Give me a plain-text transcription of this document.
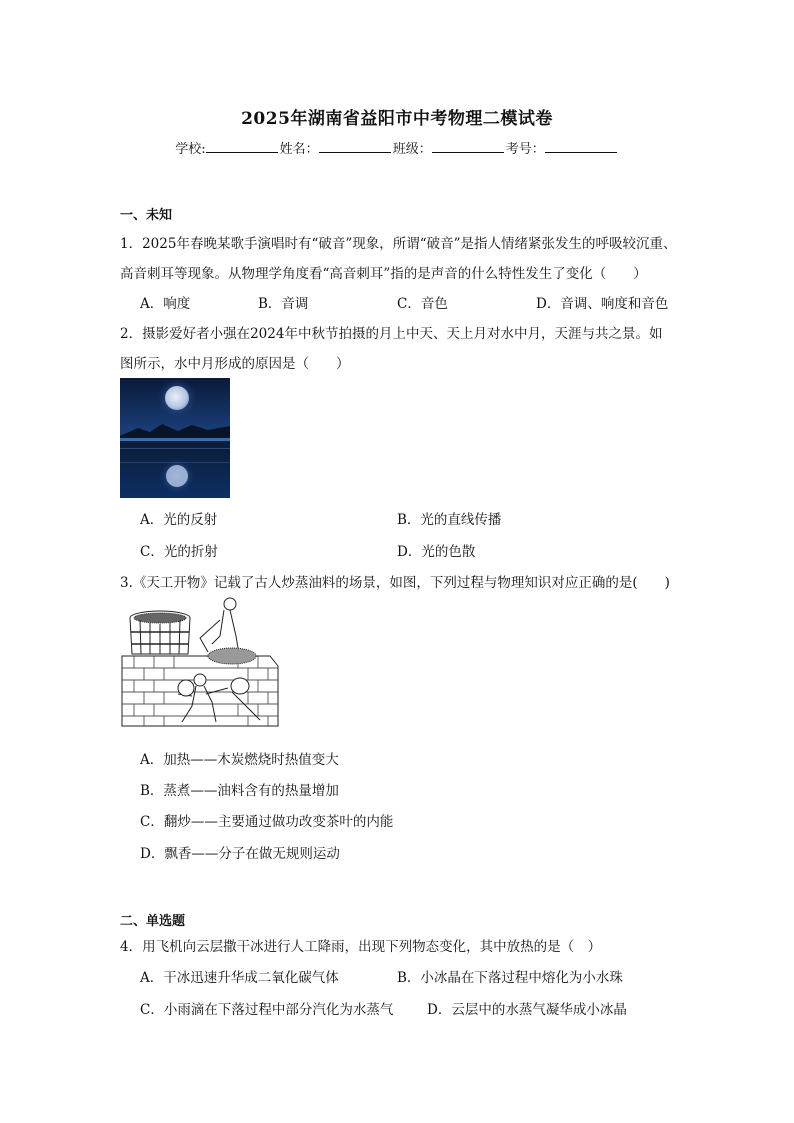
2025年湖南省益阳市中考物理二模试卷
学校:	姓名：	班级：	考号：
一、未知
1．2025年春晚某歌手演唱时有“破音”现象，所谓“破音”是指人情绪紧张发生的呼吸较沉重、
高音刺耳等现象。从物理学角度看“高音刺耳”指的是声音的什么特性发生了变化（　　）
A．响度	B．音调	C．音色	D．音调、响度和音色
2．摄影爱好者小强在2024年中秋节拍摄的月上中天、天上月对水中月，天涯与共之景。如
图所示，水中月形成的原因是（　　）
A．光的反射	B．光的直线传播
C．光的折射	D．光的色散
3.《天工开物》记载了古人炒蒸油料的场景，如图，下列过程与物理知识对应正确的是(　　)
A．加热——木炭燃烧时热值变大
B．蒸煮——油料含有的热量增加
C．翻炒——主要通过做功改变茶叶的内能
D．飘香——分子在做无规则运动
二、单选题
4．用飞机向云层撒干冰进行人工降雨，出现下列物态变化，其中放热的是（　）
A．干冰迅速升华成二氧化碳气体	B．小冰晶在下落过程中熔化为小水珠
C．小雨滴在下落过程中部分汽化为水蒸气 D．云层中的水蒸气凝华成小冰晶
